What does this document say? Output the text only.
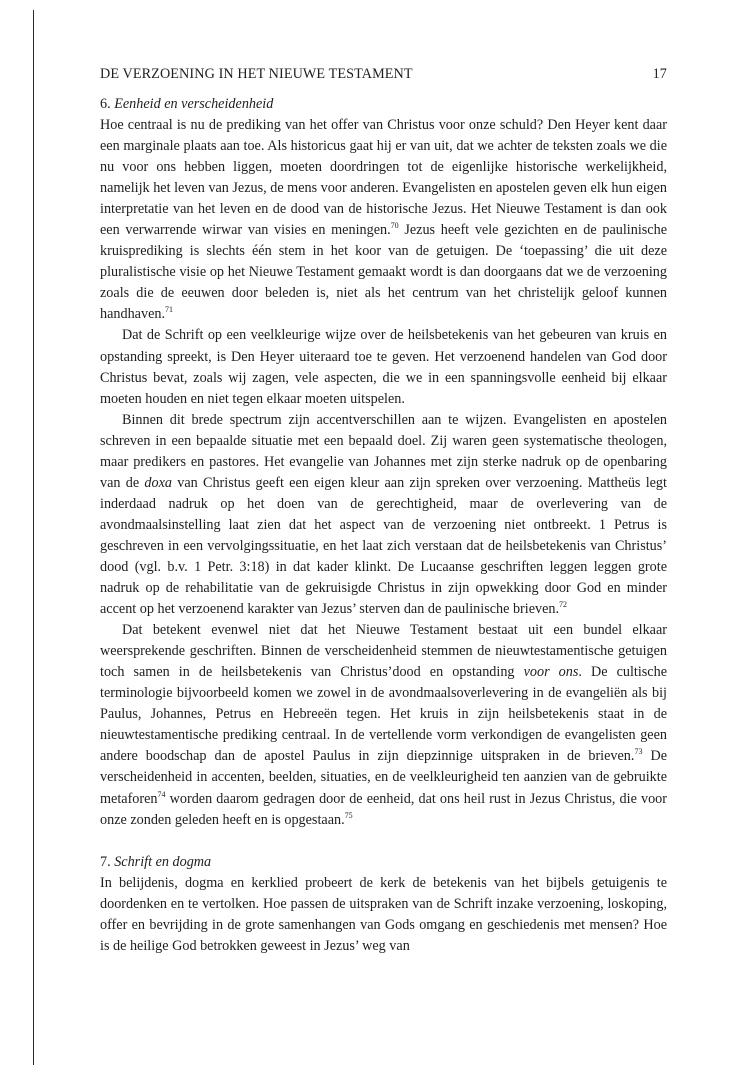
DE VERZOENING IN HET NIEUWE TESTAMENT	17
6. Eenheid en verscheidenheid

Hoe centraal is nu de prediking van het offer van Christus voor onze schuld? Den Heyer kent daar een marginale plaats aan toe. Als historicus gaat hij er van uit, dat we achter de teksten zoals we die nu voor ons hebben liggen, moeten doordringen tot de eigenlijke historische werkelijkheid, namelijk het leven van Jezus, de mens voor anderen. Evangelisten en apostelen geven elk hun eigen interpretatie van het leven en de dood van de historische Jezus. Het Nieuwe Testament is dan ook een verwarrende wirwar van visies en meningen.$^{70}$ Jezus heeft vele gezichten en de paulinische kruisprediking is slechts één stem in het koor van de getuigen. De ‘toepassing’ die uit deze pluralistische visie op het Nieuwe Testament gemaakt wordt is dan doorgaans dat we de verzoening zoals die de eeuwen door beleden is, niet als het centrum van het christelijk geloof kunnen handhaven.$^{71}$

Dat de Schrift op een veelkleurige wijze over de heilsbetekenis van het gebeuren van kruis en opstanding spreekt, is Den Heyer uiteraard toe te geven. Het verzoenend handelen van God door Christus bevat, zoals wij zagen, vele aspecten, die we in een spanningsvolle eenheid bij elkaar moeten houden en niet tegen elkaar moeten uitspelen.

Binnen dit brede spectrum zijn accentverschillen aan te wijzen. Evangelisten en apostelen schreven in een bepaalde situatie met een bepaald doel. Zij waren geen systematische theologen, maar predikers en pastores. Het evangelie van Johannes met zijn sterke nadruk op de openbaring van de doxa van Christus geeft een eigen kleur aan zijn spreken over verzoening. Mattheüs legt inderdaad nadruk op het doen van de gerechtigheid, maar de overlevering van de avondmaalsinstelling laat zien dat het aspect van de verzoening niet ontbreekt. 1 Petrus is geschreven in een vervolgingssituatie, en het laat zich verstaan dat de heilsbetekenis van Christus’ dood (vgl. b.v. 1 Petr. 3:18) in dat kader klinkt. De Lucaanse geschriften leggen leggen grote nadruk op de rehabilitatie van de gekruisigde Christus in zijn opwekking door God en minder accent op het verzoenend karakter van Jezus’ sterven dan de paulinische brieven.$^{72}$

Dat betekent evenwel niet dat het Nieuwe Testament bestaat uit een bundel elkaar weersprekende geschriften. Binnen de verscheidenheid stemmen de nieuwtestamentische getuigen toch samen in de heilsbetekenis van Christus’dood en opstanding voor ons. De cultische terminologie bijvoorbeeld komen we zowel in de avondmaalsoverlevering in de evangeliën als bij Paulus, Johannes, Petrus en Hebreeën tegen. Het kruis in zijn heilsbetekenis staat in de nieuwtestamentische prediking centraal. In de vertellende vorm verkondigen de evangelisten geen andere boodschap dan de apostel Paulus in zijn diepzinnige uitspraken in de brieven.$^{73}$ De verscheidenheid in accenten, beelden, situaties, en de veelkleurigheid ten aanzien van de gebruikte metaforen$^{74}$ worden daarom gedragen door de eenheid, dat ons heil rust in Jezus Christus, die voor onze zonden geleden heeft en is opgestaan.$^{75}$

7. Schrift en dogma

In belijdenis, dogma en kerklied probeert de kerk de betekenis van het bijbels getuigenis te doordenken en te vertolken. Hoe passen de uitspraken van de Schrift inzake verzoening, loskoping, offer en bevrijding in de grote samenhangen van Gods omgang en geschiedenis met mensen? Hoe is de heilige God betrokken geweest in Jezus’ weg van
